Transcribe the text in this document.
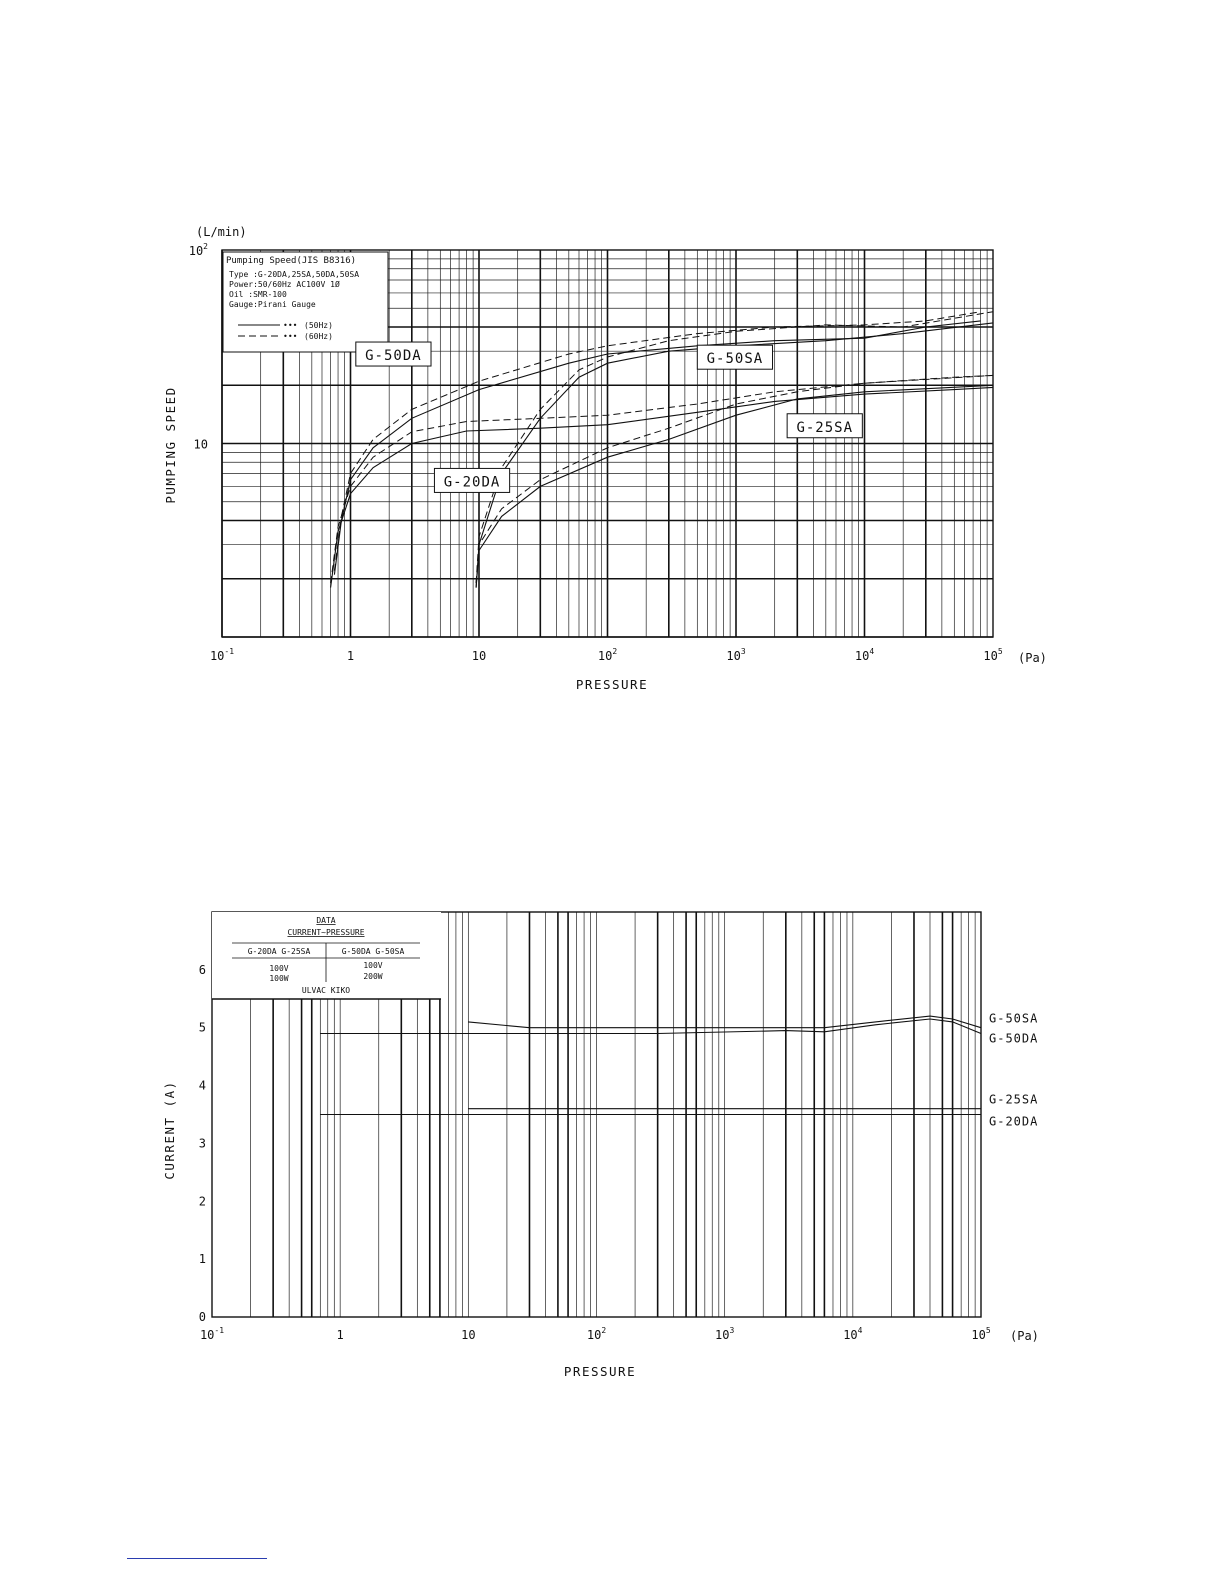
Pumping Speed(JIS B8316)
Type :G-20DA,25SA,50DA,50SA
Power:50/60Hz AC100V 1Ø
Oil :SMR-100
Gauge:Pirani Gauge
••• (50Hz)
••• (60Hz)
G-50DA	G-50SA
G-20DA
G-25SA
$10^{-1}$	1	10	$10^2$	$10^3$	$10^4$	$10^5$
$10^2$
10
(L/min)
(Pa)
PRESSURE
PUMPING SPEED
DATA
CURRENT~PRESSURE
G-20DA G-25SA	G-50DA G-50SA
100V	100V
100W	200W
ULVAC KIKO
$10^{-1}$	1	10	$10^2$	$10^3$	$10^4$	$10^5$
0
1
2
3
4
5
6
G-50SA
G-50DA
G-25SA
G-20DA
(Pa)
PRESSURE
CURRENT (A)
